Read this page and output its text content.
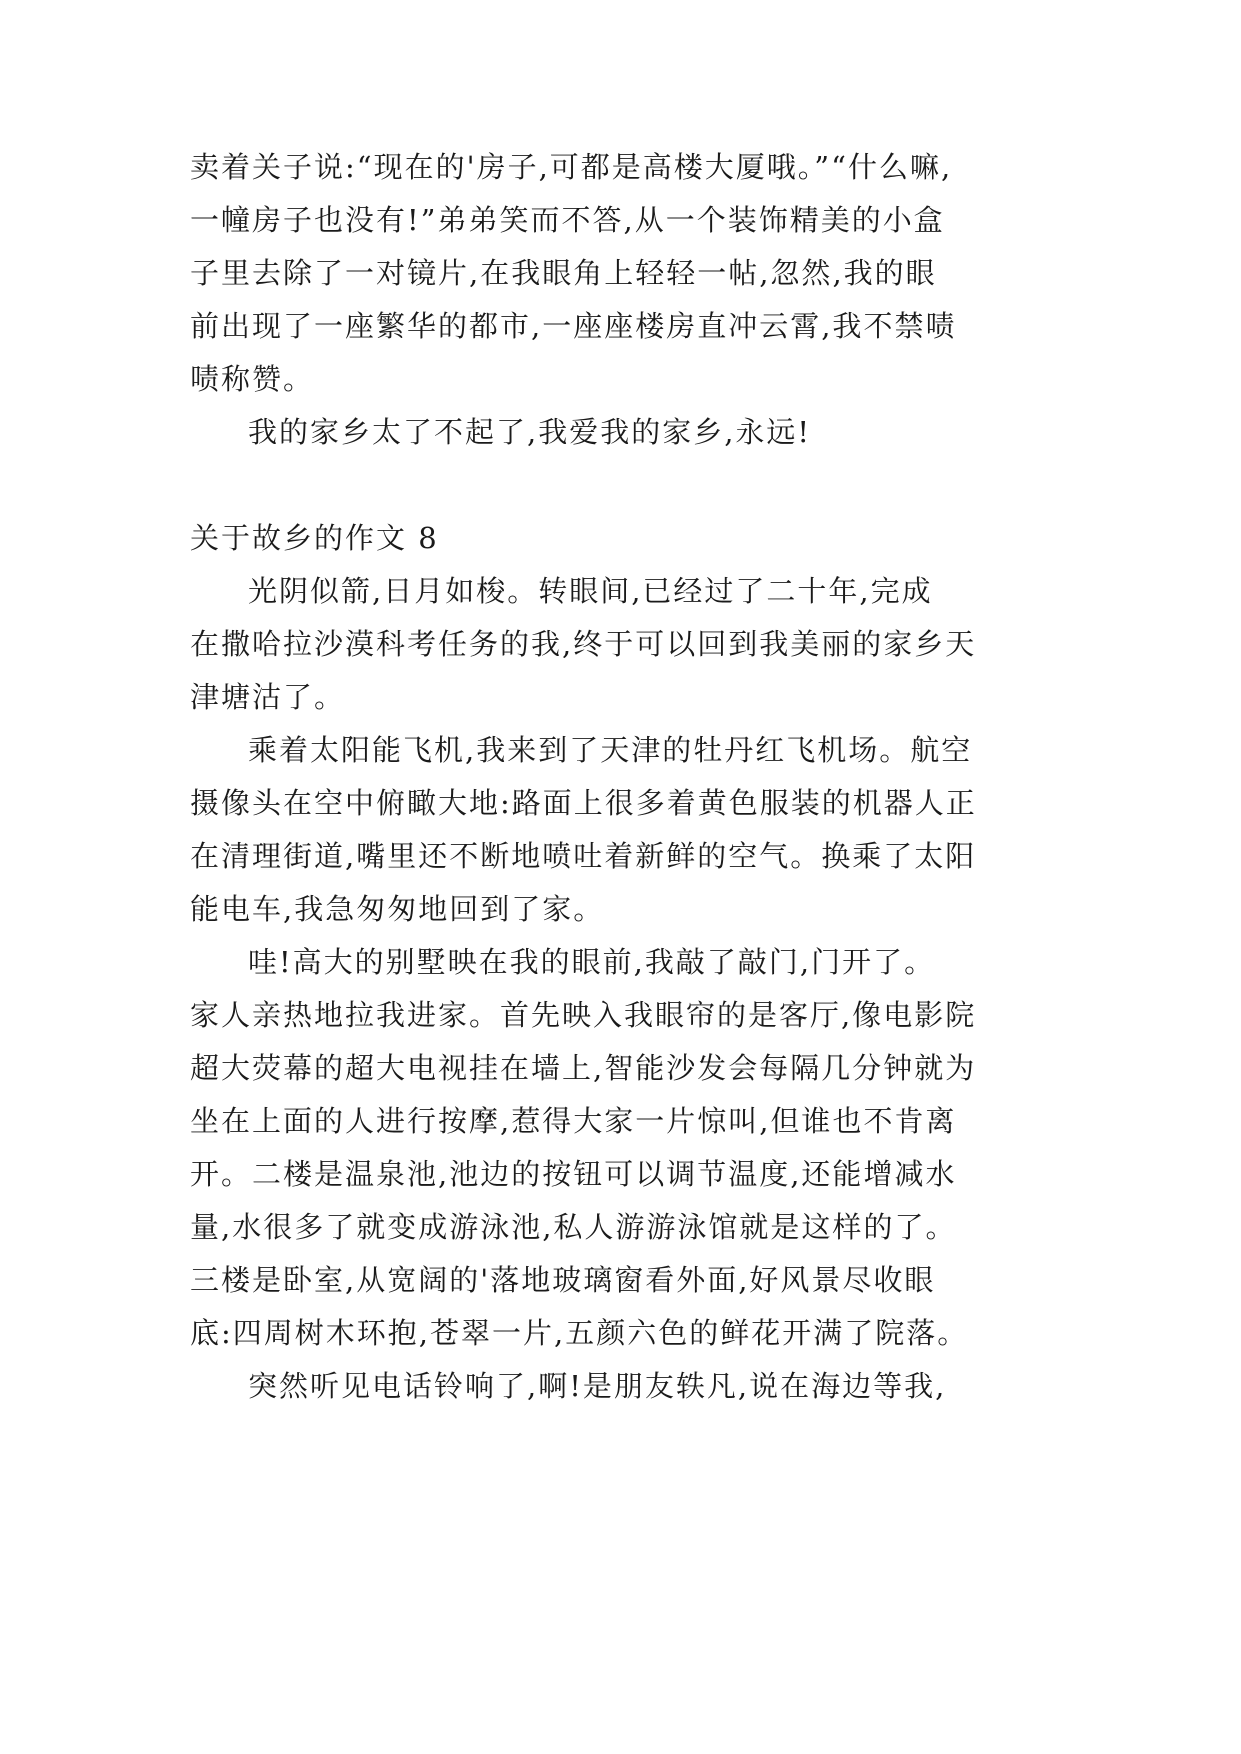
卖着关子说:“现在的'房子,可都是高楼大厦哦。”“什么嘛,
一幢房子也没有!”弟弟笑而不答,从一个装饰精美的小盒
子里去除了一对镜片,在我眼角上轻轻一帖,忽然,我的眼
前出现了一座繁华的都市,一座座楼房直冲云霄,我不禁啧
啧称赞。
我的家乡太了不起了,我爱我的家乡,永远!
关于故乡的作文 8
光阴似箭,日月如梭。转眼间,已经过了二十年,完成
在撒哈拉沙漠科考任务的我,终于可以回到我美丽的家乡天
津塘沽了。
乘着太阳能飞机,我来到了天津的牡丹红飞机场。航空
摄像头在空中俯瞰大地:路面上很多着黄色服装的机器人正
在清理街道,嘴里还不断地喷吐着新鲜的空气。换乘了太阳
能电车,我急匆匆地回到了家。
哇!高大的别墅映在我的眼前,我敲了敲门,门开了。
家人亲热地拉我进家。首先映入我眼帘的是客厅,像电影院
超大荧幕的超大电视挂在墙上,智能沙发会每隔几分钟就为
坐在上面的人进行按摩,惹得大家一片惊叫,但谁也不肯离
开。二楼是温泉池,池边的按钮可以调节温度,还能增减水
量,水很多了就变成游泳池,私人游游泳馆就是这样的了。
三楼是卧室,从宽阔的'落地玻璃窗看外面,好风景尽收眼
底:四周树木环抱,苍翠一片,五颜六色的鲜花开满了院落。
突然听见电话铃响了,啊!是朋友轶凡,说在海边等我,
